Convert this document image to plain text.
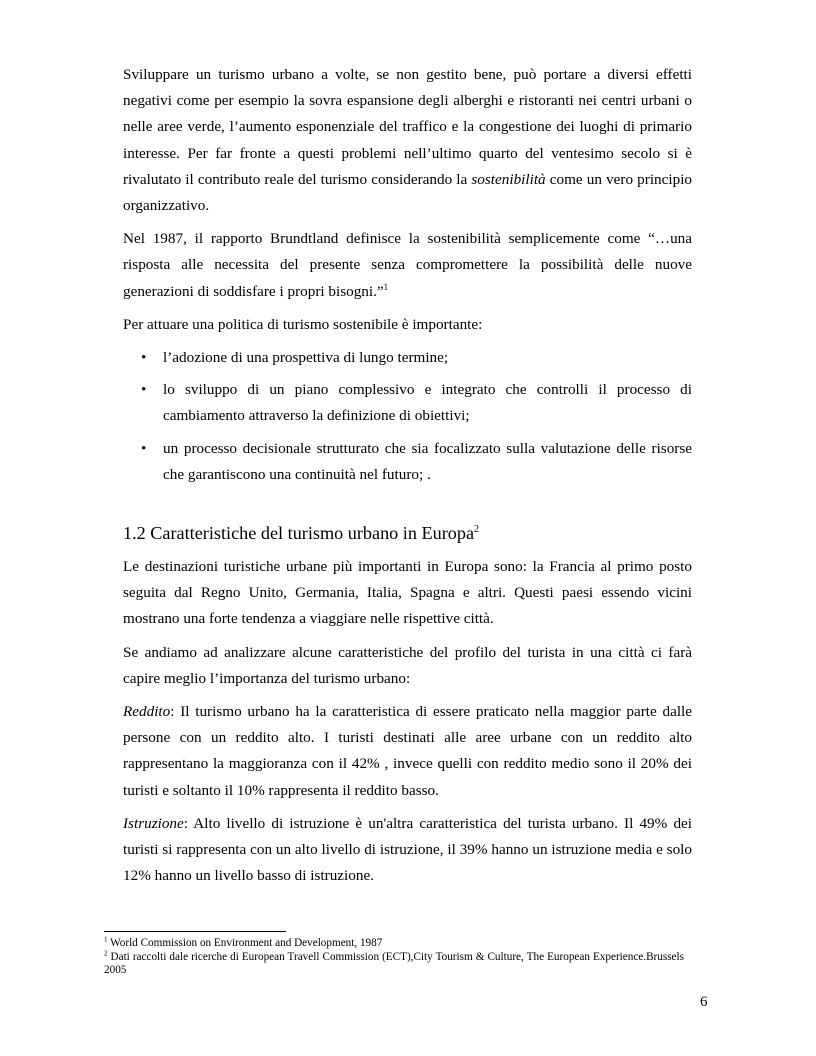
Sviluppare un turismo urbano a volte, se non gestito bene, può portare a diversi effetti negativi come per esempio la sovra espansione degli alberghi e ristoranti nei centri urbani o nelle aree verde, l’aumento esponenziale del traffico e la congestione dei luoghi di primario interesse. Per far fronte a questi problemi nell’ultimo quarto del ventesimo secolo si è rivalutato il contributo reale del turismo considerando la sostenibilità come un vero principio organizzativo.

Nel 1987, il rapporto Brundtland definisce la sostenibilità semplicemente come “…una risposta alle necessita del presente senza compromettere la possibilità delle nuove generazioni di soddisfare i propri bisogni.”$^1$

Per attuare una politica di turismo sostenibile è importante:

• l’adozione di una prospettiva di lungo termine;
• lo sviluppo di un piano complessivo e integrato che controlli il processo di cambiamento attraverso la definizione di obiettivi;
• un processo decisionale strutturato che sia focalizzato sulla valutazione delle risorse che garantiscono una continuità nel futuro; .
1.2 Caratteristiche del turismo urbano in Europa$^2$

Le destinazioni turistiche urbane più importanti in Europa sono: la Francia al primo posto seguita dal Regno Unito, Germania, Italia, Spagna e altri. Questi paesi essendo vicini mostrano una forte tendenza a viaggiare nelle rispettive città.

Se andiamo ad analizzare alcune caratteristiche del profilo del turista in una città ci farà capire meglio l’importanza del turismo urbano:

Reddito: Il turismo urbano ha la caratteristica di essere praticato nella maggior parte dalle persone con un reddito alto. I turisti destinati alle aree urbane con un reddito alto rappresentano la maggioranza con il 42% , invece quelli con reddito medio sono il 20% dei turisti e soltanto il 10% rappresenta il reddito basso.

Istruzione: Alto livello di istruzione è un'altra caratteristica del turista urbano. Il 49% dei turisti si rappresenta con un alto livello di istruzione, il 39% hanno un istruzione media e solo 12% hanno un livello basso di istruzione.

$^1$ World Commission on Environment and Development, 1987

$^2$ Dati raccolti dale ricerche di European Travell Commission (ECT),City Tourism & Culture, The European Experience.Brussels 2005

6
